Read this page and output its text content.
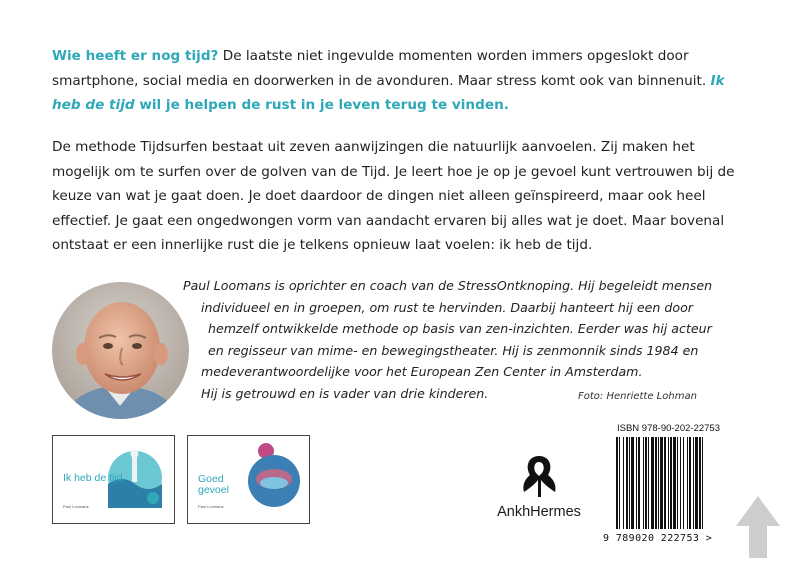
Wie heeft er nog tijd? De laatste niet ingevulde momenten worden immers opgeslokt door smartphone, social media en doorwerken in de avonduren. Maar stress komt ook van binnenuit. Ik heb de tijd wil je helpen de rust in je leven terug te vinden.
De methode Tijdsurfen bestaat uit zeven aanwijzingen die natuurlijk aanvoelen. Zij maken het mogelijk om te surfen over de golven van de Tijd. Je leert hoe je op je gevoel kunt vertrouwen bij de keuze van wat je gaat doen. Je doet daardoor de dingen niet alleen geïnspireerd, maar ook heel effectief. Je gaat een ongedwongen vorm van aandacht ervaren bij alles wat je doet. Maar bovenal ontstaat er een innerlijke rust die je telkens opnieuw laat voelen: ik heb de tijd.
Paul Loomans is oprichter en coach van de StressOntknoping. Hij begeleidt mensen
individueel en in groepen, om rust te hervinden. Daarbij hanteert hij een door
hemzelf ontwikkelde methode op basis van zen-inzichten. Eerder was hij acteur
en regisseur van mime- en bewegingstheater. Hij is zenmonnik sinds 1984 en
medeverantwoordelijke voor het European Zen Center in Amsterdam.
Hij is getrouwd en is vader van drie kinderen.	Foto: Henriette Lohman
Ik heb de tijd
Paul Loomans
Goed gevoel
Paul Loomans	AnkhHermes
ISBN 978-90-202-22753
9 789020 222753 >
